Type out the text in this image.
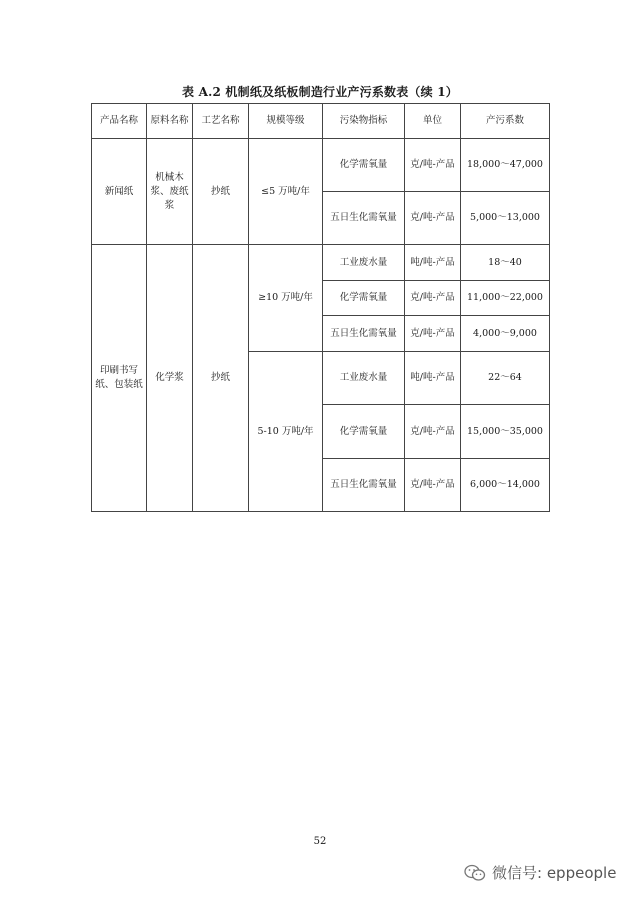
表 A.2 机制纸及纸板制造行业产污系数表（续 1）
产品名称	原料名称	工艺名称	规模等级	污染物指标	单位	产污系数
新闻纸	机械木浆、废纸浆	抄纸	≤5 万吨/年	化学需氧量	克/吨-产品	18,000～47,000
				五日生化需氧量	克/吨-产品	5,000～13,000
印刷书写纸、包装纸	化学浆	抄纸	≥10 万吨/年	工业废水量	吨/吨-产品	18～40
				化学需氧量	克/吨-产品	11,000～22,000
				五日生化需氧量	克/吨-产品	4,000～9,000
			5-10 万吨/年	工业废水量	吨/吨-产品	22～64
				化学需氧量	克/吨-产品	15,000～35,000
				五日生化需氧量	克/吨-产品	6,000～14,000
52
微信号: eppeople
